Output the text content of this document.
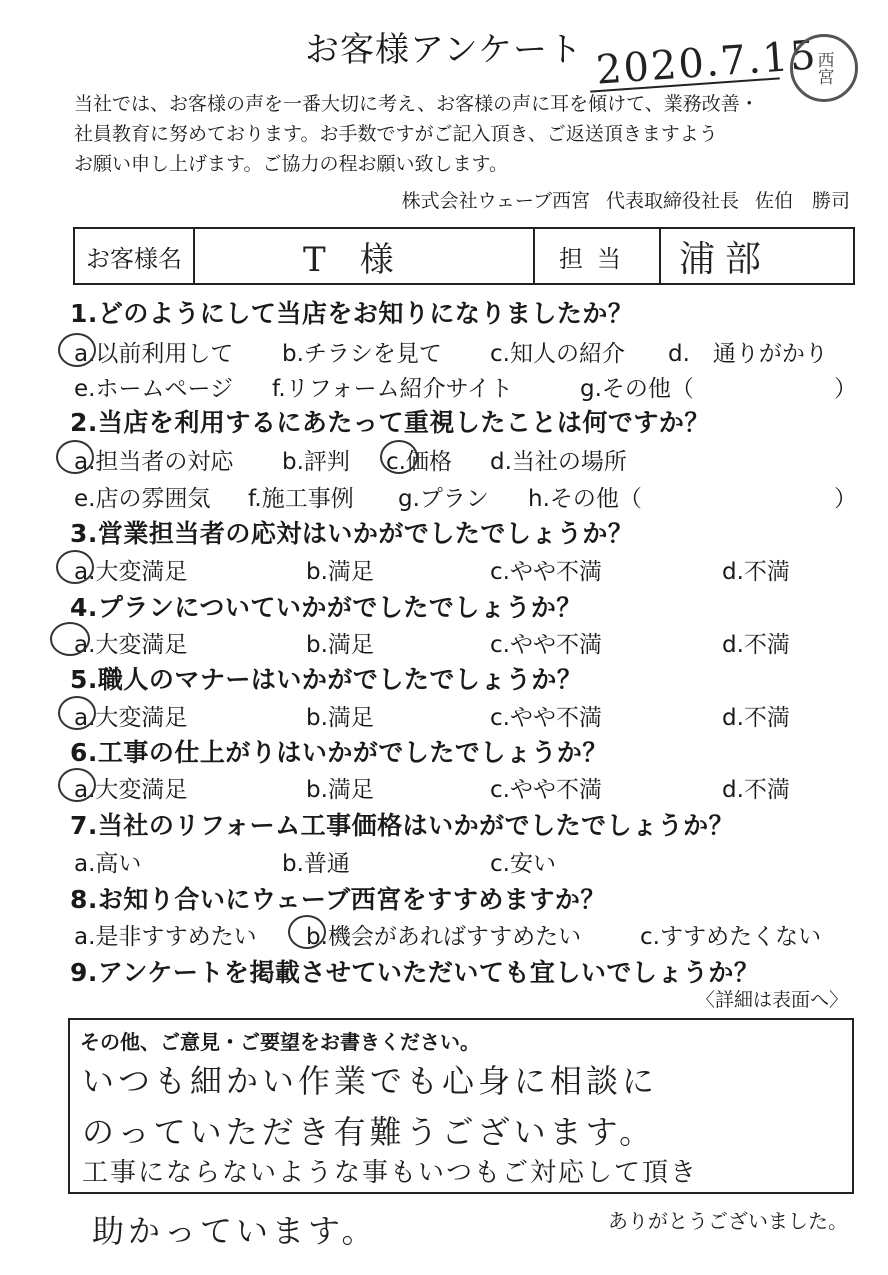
お客様アンケート 2020.7.15
西宮
当社では、お客様の声を一番大切に考え、お客様の声に耳を傾けて、業務改善・
社員教育に努めております。お手数ですがご記入頂き、ご返送頂きますよう
お願い申し上げます。ご協力の程お願い致します。
株式会社ウェーブ西宮 代表取締役社長 佐伯　勝司
お客様名	T　様	担当	浦部
1.どのようにして当店をお知りになりましたか？
a.以前利用して b.チラシを見て c.知人の紹介 d.　通りがかり
e.ホームページ f.リフォーム紹介サイト	g.その他（	）
2.当店を利用するにあたって重視したことは何ですか？
a.担当者の対応 b.評判 c.価格 d.当社の場所
e.店の雰囲気 f.施工事例 g.プラン h.その他（	）
3.営業担当者の応対はいかがでしたでしょうか？
a.大変満足	b.満足	c.やや不満	d.不満
4.プランについていかがでしたでしょうか？
a.大変満足	b.満足	c.やや不満	d.不満
5.職人のマナーはいかがでしたでしょうか？
a.大変満足	b.満足	c.やや不満	d.不満
6.工事の仕上がりはいかがでしたでしょうか？
a.大変満足	b.満足	c.やや不満	d.不満
7.当社のリフォーム工事価格はいかがでしたでしょうか？
a.高い	b.普通	c.安い
8.お知り合いにウェーブ西宮をすすめますか？
a.是非すすめたい b.機会があればすすめたい	c.すすめたくない
9.アンケートを掲載させていただいても宜しいでしょうか？
〈詳細は表面へ〉
その他、ご意見・ご要望をお書きください。
いつも細かい作業でも心身に相談に
のっていただき有難うございます。
工事にならないような事もいつもご対応して頂き
助かっています。	ありがとうございました。
